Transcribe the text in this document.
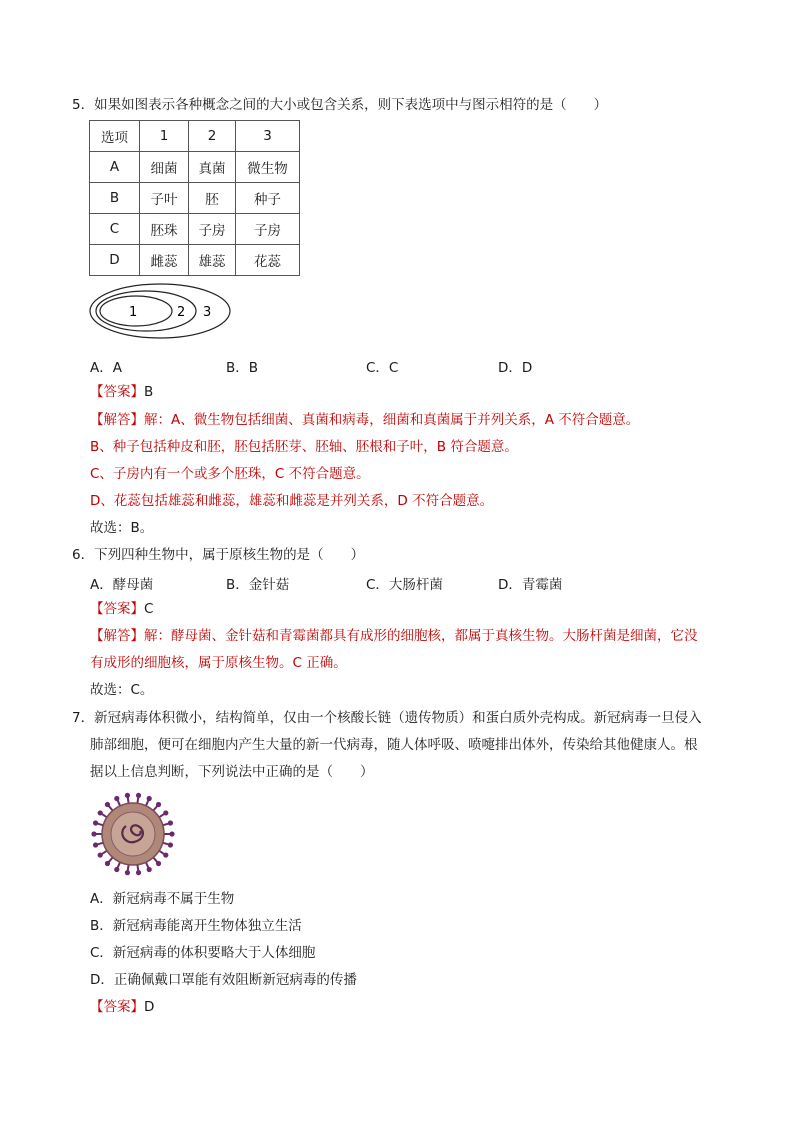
5．如果如图表示各种概念之间的大小或包含关系，则下表选项中与图示相符的是（　　）
选项	1	2	3
A	细菌	真菌	微生物
B	子叶	胚	种子
C	胚珠	子房	子房
D	雌蕊	雄蕊	花蕊
1	2 3
A．A	B．B	C．C	D．D
【答案】B
【解答】解：A、微生物包括细菌、真菌和病毒，细菌和真菌属于并列关系，A 不符合题意。
B、种子包括种皮和胚，胚包括胚芽、胚轴、胚根和子叶，B 符合题意。
C、子房内有一个或多个胚珠，C 不符合题意。
D、花蕊包括雄蕊和雌蕊，雄蕊和雌蕊是并列关系，D 不符合题意。
故选：B。
6．下列四种生物中，属于原核生物的是（　　）
A．酵母菌	B．金针菇	C．大肠杆菌	D．青霉菌
【答案】C
【解答】解：酵母菌、金针菇和青霉菌都具有成形的细胞核，都属于真核生物。大肠杆菌是细菌，它没
有成形的细胞核，属于原核生物。C 正确。
故选：C。
7．新冠病毒体积微小，结构简单，仅由一个核酸长链（遗传物质）和蛋白质外壳构成。新冠病毒一旦侵入
肺部细胞，便可在细胞内产生大量的新一代病毒，随人体呼吸、喷嚏排出体外，传染给其他健康人。根
据以上信息判断，下列说法中正确的是（　　）
A．新冠病毒不属于生物
B．新冠病毒能离开生物体独立生活
C．新冠病毒的体积要略大于人体细胞
D．正确佩戴口罩能有效阻断新冠病毒的传播
【答案】D
